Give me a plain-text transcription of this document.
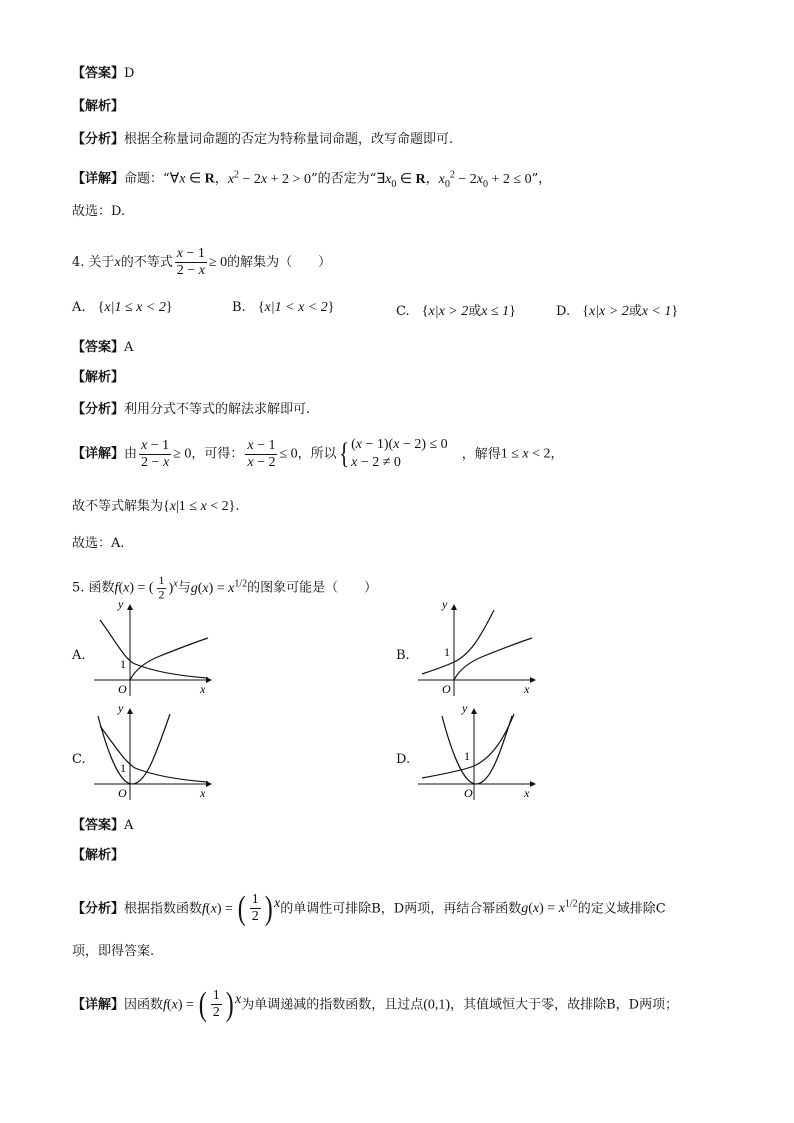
【答案】D
【解析】
【分析】根据全称量词命题的否定为特称量词命题，改写命题即可.
【详解】命题：“∀x ∈ R，$x^2 - 2x + 2 > 0$”的否定为“$\exists x_0$ ∈ R，$x_0^2 - 2x_0 + 2 \le 0$”，
故选：D.
4. 关于x的不等式 $\frac{x - 1}{2 - x} \ge 0$的解集为（　　）
A. {x|1 ≤ x < 2}	B. {x|1 < x < 2}	C. {x|x > 2或x ≤ 1}	D. {x|x > 2或x < 1}
【答案】A
【解析】
【分析】利用分式不等式的解法求解即可.
【详解】由 $\frac{x - 1}{2 - x} \ge 0$，可得： $\frac{x - 1}{x - 2} \le 0$，所以{ (x − 1)(x − 2) ≤ 0
x − 2 ≠ 0
，解得1 ≤ x < 2，
故不等式解集为{x|1 ≤ x < 2}.
故选：A.
5. 函数f(x) = ( $\frac{1}{2} )^x$与$g(x) = x^{1/2}$的图象可能是（　　）
A.	B.
C.	D.
y
x
O
1
y
x
O
1
y
x
O
1
y
x
O
1
【答案】A
【解析】
【分析】根据指数函数f(x) = ( $\frac{1}{2}$ ) $^x$的单调性可排除B，D两项，再结合幂函数$g(x) = x^{1/2}$的定义域排除C
项，即得答案.
【详解】因函数f(x) = ( $\frac{1}{2}$ ) $^x$为单调递减的指数函数，且过点(0,1)，其值域恒大于零，故排除B，D两项；
